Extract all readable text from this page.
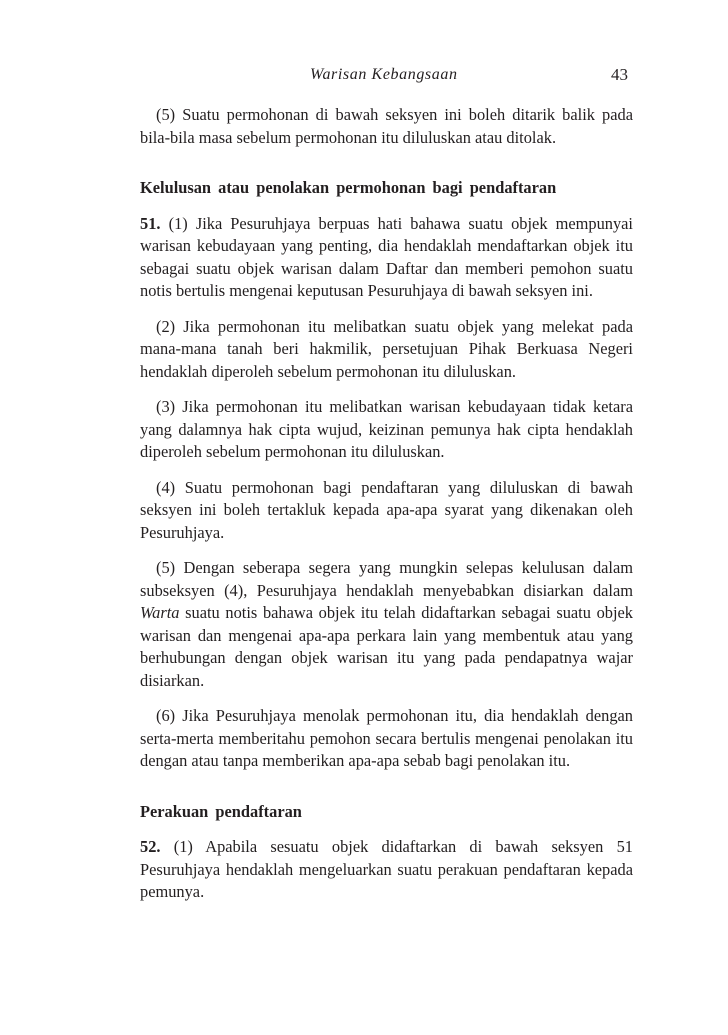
Warisan Kebangsaan	43

(5) Suatu permohonan di bawah seksyen ini boleh ditarik balik pada bila-bila masa sebelum permohonan itu diluluskan atau ditolak.

Kelulusan atau penolakan permohonan bagi pendaftaran

51. (1) Jika Pesuruhjaya berpuas hati bahawa suatu objek mempunyai warisan kebudayaan yang penting, dia hendaklah mendaftarkan objek itu sebagai suatu objek warisan dalam Daftar dan memberi pemohon suatu notis bertulis mengenai keputusan Pesuruhjaya di bawah seksyen ini.

(2) Jika permohonan itu melibatkan suatu objek yang melekat pada mana-mana tanah beri hakmilik, persetujuan Pihak Berkuasa Negeri hendaklah diperoleh sebelum permohonan itu diluluskan.

(3) Jika permohonan itu melibatkan warisan kebudayaan tidak ketara yang dalamnya hak cipta wujud, keizinan pemunya hak cipta hendaklah diperoleh sebelum permohonan itu diluluskan.

(4) Suatu permohonan bagi pendaftaran yang diluluskan di bawah seksyen ini boleh tertakluk kepada apa-apa syarat yang dikenakan oleh Pesuruhjaya.

(5) Dengan seberapa segera yang mungkin selepas kelulusan dalam subseksyen (4), Pesuruhjaya hendaklah menyebabkan disiarkan dalam Warta suatu notis bahawa objek itu telah didaftarkan sebagai suatu objek warisan dan mengenai apa-apa perkara lain yang membentuk atau yang berhubungan dengan objek warisan itu yang pada pendapatnya wajar disiarkan.

(6) Jika Pesuruhjaya menolak permohonan itu, dia hendaklah dengan serta-merta memberitahu pemohon secara bertulis mengenai penolakan itu dengan atau tanpa memberikan apa-apa sebab bagi penolakan itu.

Perakuan pendaftaran

52. (1) Apabila sesuatu objek didaftarkan di bawah seksyen 51 Pesuruhjaya hendaklah mengeluarkan suatu perakuan pendaftaran kepada pemunya.
